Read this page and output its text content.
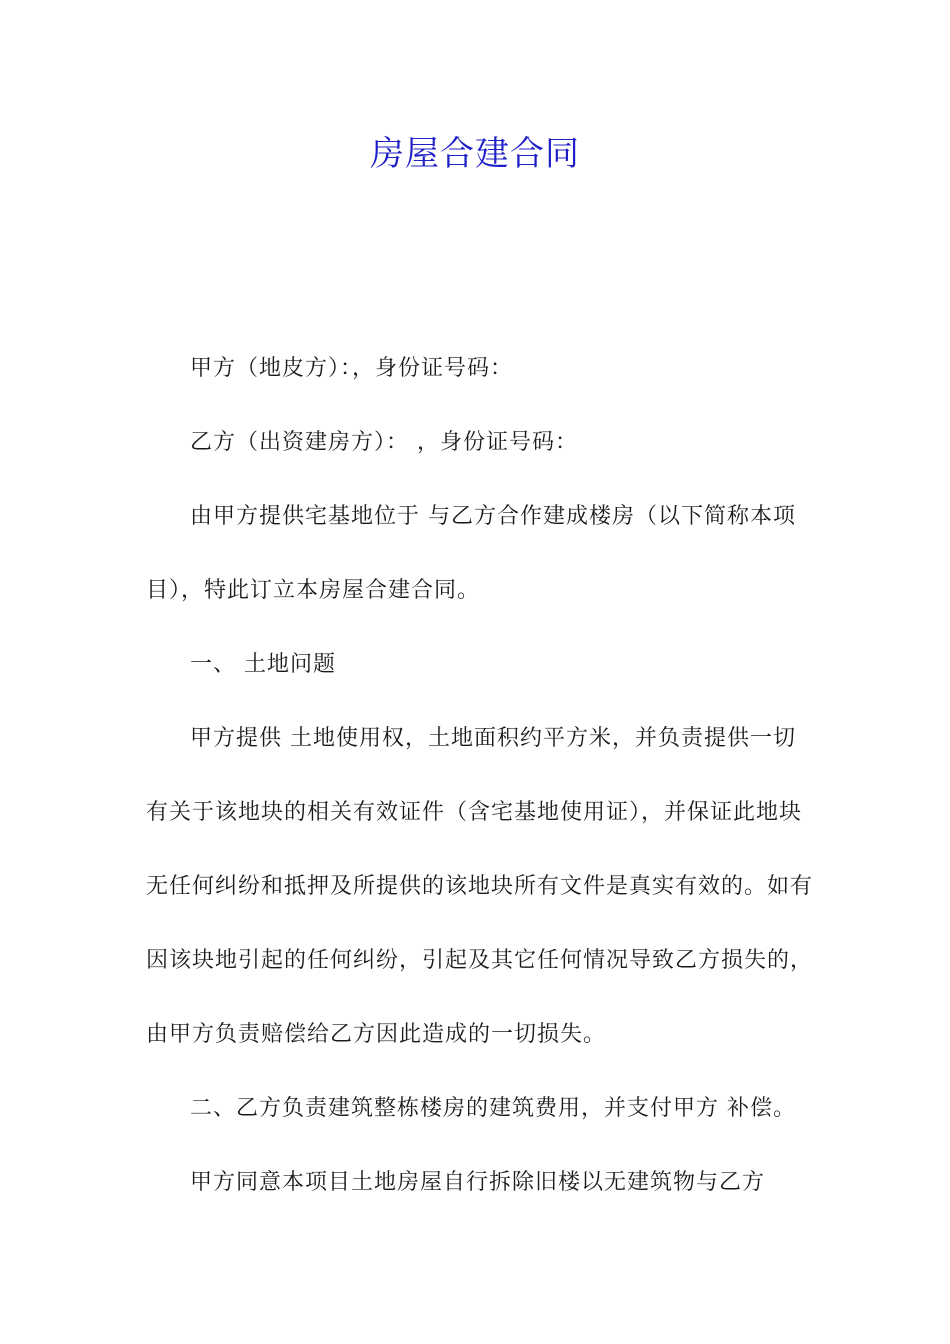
房屋合建合同

甲方（地皮方）：，身份证号码：

乙方（出资建房方）： ，身份证号码：

由甲方提供宅基地位于 与乙方合作建成楼房（以下简称本项目），特此订立本房屋合建合同。

一、 土地问题

甲方提供 土地使用权，土地面积约平方米，并负责提供一切有关于该地块的相关有效证件（含宅基地使用证），并保证此地块无任何纠纷和抵押及所提供的该地块所有文件是真实有效的。如有因该块地引起的任何纠纷，引起及其它任何情况导致乙方损失的，由甲方负责赔偿给乙方因此造成的一切损失。

二、乙方负责建筑整栋楼房的建筑费用，并支付甲方 补偿。

甲方同意本项目土地房屋自行拆除旧楼以无建筑物与乙方
